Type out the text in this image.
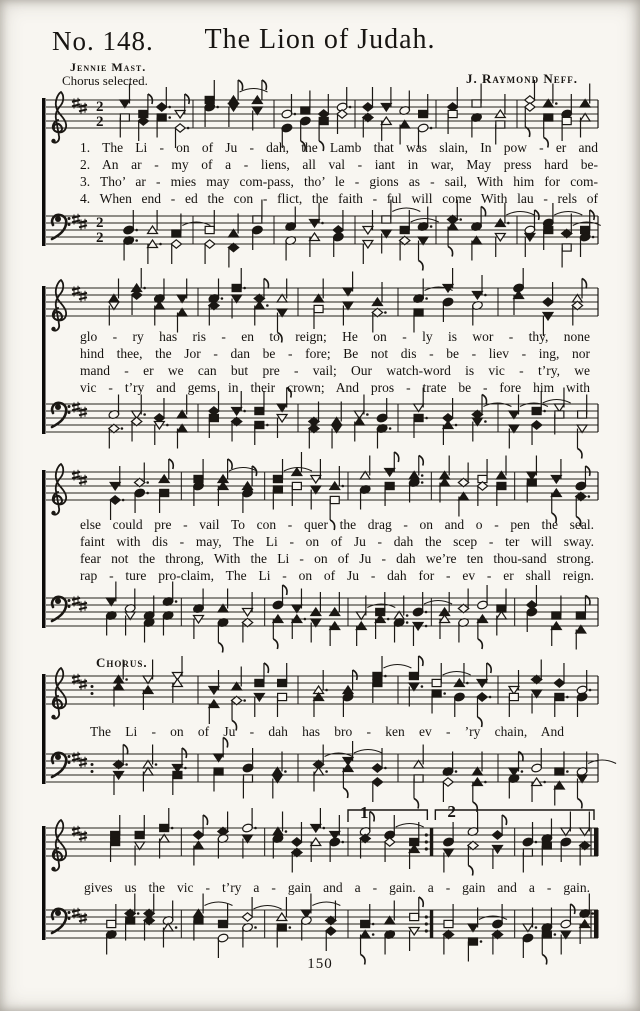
No. 148.	The Lion of Judah.
Jennie Mast.
Chorus selected.	J. Raymond Neff.
2
2
2
2
1. The Li - on of Ju - dah, the Lamb that was slain, In pow - er and
2. An ar - my of a - liens, all val - iant in war, May press hard be-
3. Tho’ ar - mies may com-pass, tho’ le - gions as - sail, With him for com-
4. When end - ed the con - flict, the faith - ful will come With lau - rels of
glo - ry has ris - en to reign; He on - ly is wor - thy, none
hind thee, the Jor - dan be - fore; Be not dis - be - liev - ing, nor
mand - er we can but pre - vail; Our watch-word is vic - t’ry, we
vic - t’ry and gems in their crown; And pros - trate be - fore him with
else could pre - vail To con - quer the drag - on and o - pen the seal.
faint with dis - may, The Li - on of Ju - dah the scep - ter will sway.
fear not the throng, With the Li - on of Ju - dah we’re ten thou-sand strong.
rap - ture pro-claim, The Li - on of Ju - dah for - ev - er shall reign.
Chorus.
The Li - on of Ju - dah has bro - ken ev - ’ry chain, And
1	2
gives us the vic - t’ry a - gain and a - gain. a - gain and a - gain.
150
